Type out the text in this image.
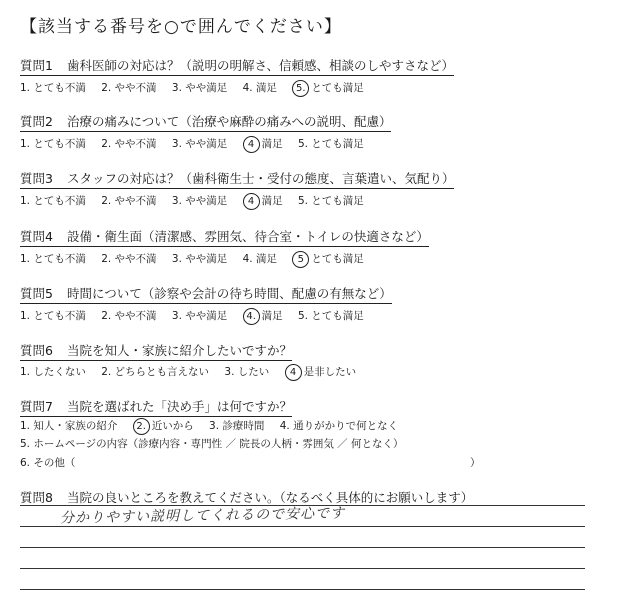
【該当する番号を○で囲んでください】
質問1 歯科医師の対応は？（説明の明解さ、信頼感、相談のしやすさなど）
1. とても不満 2. やや不満 3. やや満足 4. 満足 5. とても満足
質問2 治療の痛みについて（治療や麻酔の痛みへの説明、配慮）
1. とても不満 2. やや不満 3. やや満足 4 満足 5. とても満足
質問3 スタッフの対応は？（歯科衛生士・受付の態度、言葉遣い、気配り）
1. とても不満 2. やや不満 3. やや満足 4 満足 5. とても満足
質問4 設備・衛生面（清潔感、雰囲気、待合室・トイレの快適さなど）
1. とても不満 2. やや不満 3. やや満足 4. 満足 5 とても満足
質問5 時間について（診察や会計の待ち時間、配慮の有無など）
1. とても不満 2. やや不満 3. やや満足 4. 満足 5. とても満足
質問6 当院を知人・家族に紹介したいですか？
1. したくない 2. どちらとも言えない 3. したい 4 是非したい
質問7 当院を選ばれた「決め手」は何ですか？
1. 知人・家族の紹介 2. 近いから 3. 診療時間 4. 通りがかりで何となく
5. ホームページの内容（診療内容・専門性 ／ 院長の人柄・雰囲気 ／ 何となく）
6. その他（	）
質問8 当院の良いところを教えてください。（なるべく具体的にお願いします）
分かりやすい説明してくれるので安心です
